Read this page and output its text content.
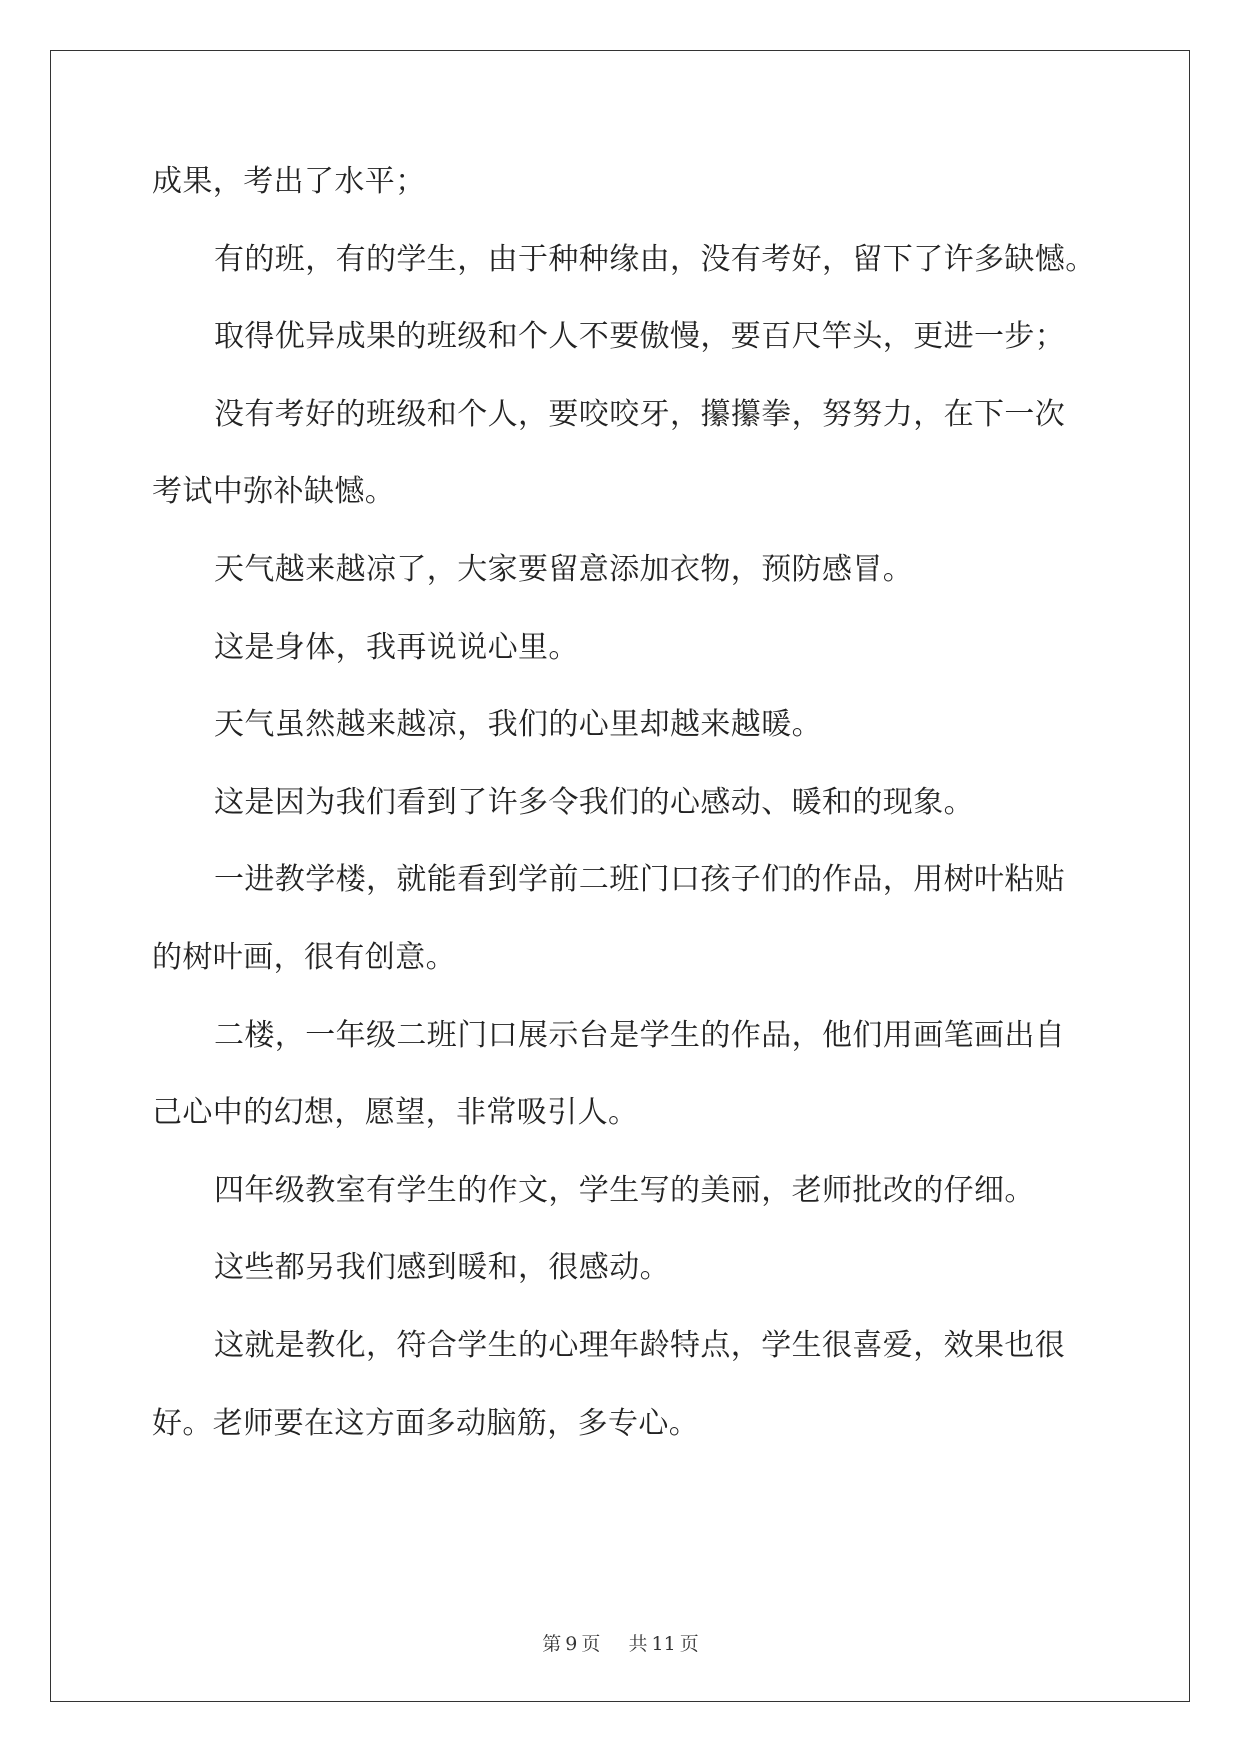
成果，考出了水平；
有的班，有的学生，由于种种缘由，没有考好，留下了许多缺憾。
取得优异成果的班级和个人不要傲慢，要百尺竿头，更进一步；
没有考好的班级和个人，要咬咬牙，攥攥拳，努努力，在下一次
考试中弥补缺憾。
天气越来越凉了，大家要留意添加衣物，预防感冒。
这是身体，我再说说心里。
天气虽然越来越凉，我们的心里却越来越暖。
这是因为我们看到了许多令我们的心感动、暖和的现象。
一进教学楼，就能看到学前二班门口孩子们的作品，用树叶粘贴
的树叶画，很有创意。
二楼，一年级二班门口展示台是学生的作品，他们用画笔画出自
己心中的幻想，愿望，非常吸引人。
四年级教室有学生的作文，学生写的美丽，老师批改的仔细。
这些都另我们感到暖和，很感动。
这就是教化，符合学生的心理年龄特点，学生很喜爱，效果也很
好。老师要在这方面多动脑筋，多专心。
第 9 页 共 11 页
